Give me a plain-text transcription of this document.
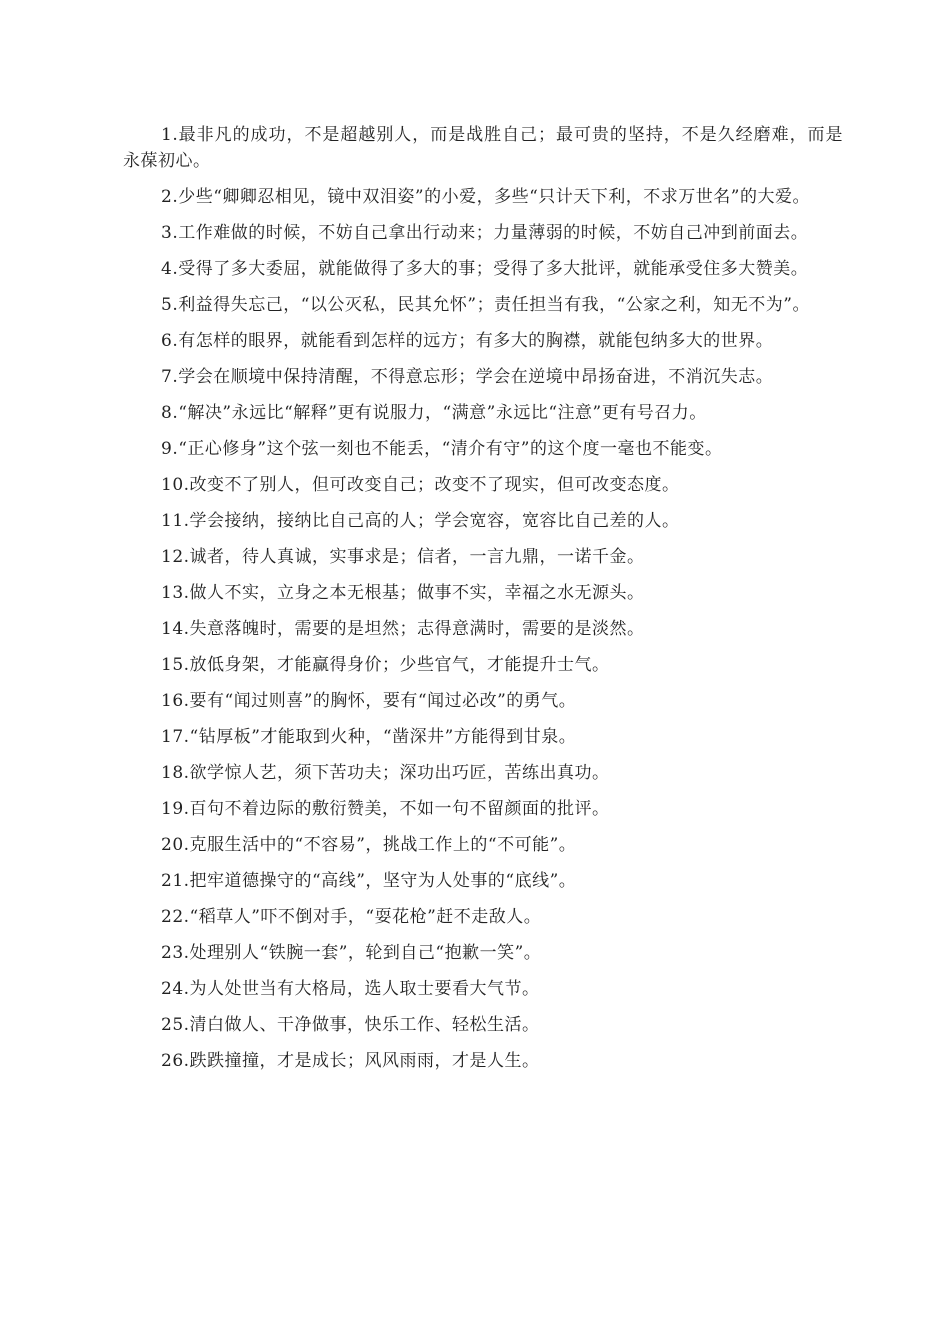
1.最非凡的成功，不是超越别人，而是战胜自己；最可贵的坚持，不是久经磨难，而是永葆初心。

2.少些“卿卿忍相见，镜中双泪姿”的小爱，多些“只计天下利，不求万世名”的大爱。

3.工作难做的时候，不妨自己拿出行动来；力量薄弱的时候，不妨自己冲到前面去。

4.受得了多大委屈，就能做得了多大的事；受得了多大批评，就能承受住多大赞美。

5.利益得失忘己，“以公灭私，民其允怀”；责任担当有我，“公家之利，知无不为”。

6.有怎样的眼界，就能看到怎样的远方；有多大的胸襟，就能包纳多大的世界。

7.学会在顺境中保持清醒，不得意忘形；学会在逆境中昂扬奋进，不消沉失志。

8.“解决”永远比“解释”更有说服力，“满意”永远比“注意”更有号召力。

9.“正心修身”这个弦一刻也不能丢，“清介有守”的这个度一毫也不能变。

10.改变不了别人，但可改变自己；改变不了现实，但可改变态度。

11.学会接纳，接纳比自己高的人；学会宽容，宽容比自己差的人。

12.诚者，待人真诚，实事求是；信者，一言九鼎，一诺千金。

13.做人不实，立身之本无根基；做事不实，幸福之水无源头。

14.失意落魄时，需要的是坦然；志得意满时，需要的是淡然。

15.放低身架，才能赢得身价；少些官气，才能提升士气。

16.要有“闻过则喜”的胸怀，要有“闻过必改”的勇气。

17.“钻厚板”才能取到火种，“凿深井”方能得到甘泉。

18.欲学惊人艺，须下苦功夫；深功出巧匠，苦练出真功。

19.百句不着边际的敷衍赞美，不如一句不留颜面的批评。

20.克服生活中的“不容易”，挑战工作上的“不可能”。

21.把牢道德操守的“高线”，坚守为人处事的“底线”。

22.“稻草人”吓不倒对手，“耍花枪”赶不走敌人。

23.处理别人“铁腕一套”，轮到自己“抱歉一笑”。

24.为人处世当有大格局，选人取士要看大气节。

25.清白做人、干净做事，快乐工作、轻松生活。

26.跌跌撞撞，才是成长；风风雨雨，才是人生。
